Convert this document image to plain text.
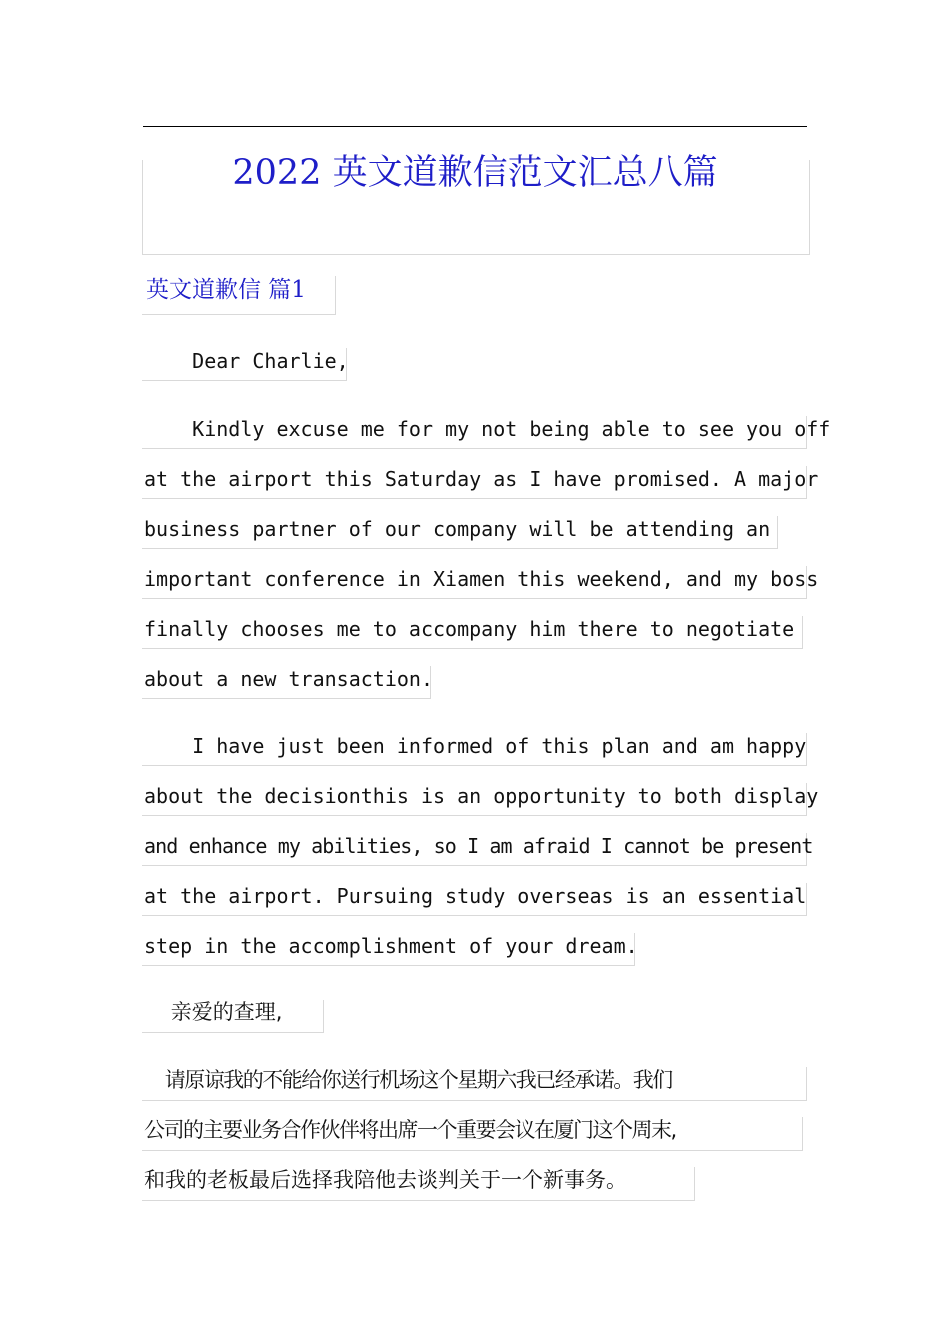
2022 英文道歉信范文汇总八篇
英文道歉信 篇1
Dear Charlie,
Kindly excuse me for my not being able to see you off
at the airport this Saturday as I have promised. A major
business partner of our company will be attending an
important conference in Xiamen this weekend, and my boss
finally chooses me to accompany him there to negotiate
about a new transaction.
I have just been informed of this plan and am happy
about the decisionthis is an opportunity to both display
and enhance my abilities, so I am afraid I cannot be present
at the airport. Pursuing study overseas is an essential
step in the accomplishment of your dream.
亲爱的查理,
请原谅我的不能给你送行机场这个星期六我已经承诺。我们
公司的主要业务合作伙伴将出席一个重要会议在厦门这个周末,
和我的老板最后选择我陪他去谈判关于一个新事务。
